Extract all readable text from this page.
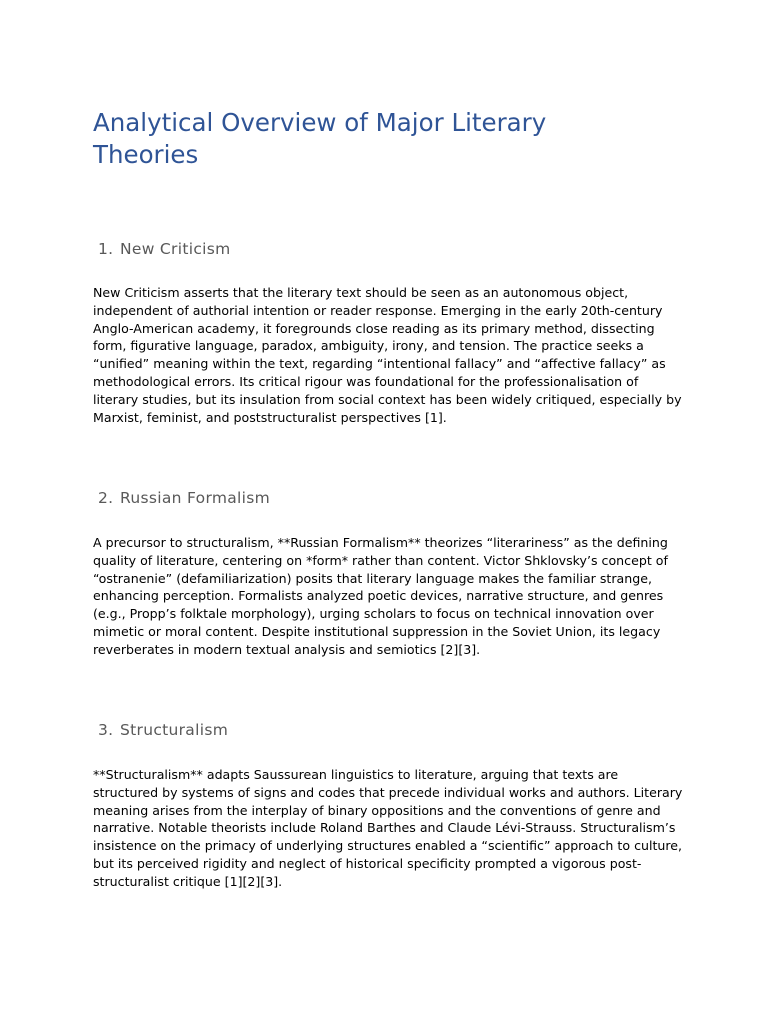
Analytical Overview of Major Literary Theories
1. New Criticism

New Criticism asserts that the literary text should be seen as an autonomous object, independent of authorial intention or reader response. Emerging in the early 20th-century Anglo-American academy, it foregrounds close reading as its primary method, dissecting form, figurative language, paradox, ambiguity, irony, and tension. The practice seeks a “unified” meaning within the text, regarding “intentional fallacy” and “affective fallacy” as methodological errors. Its critical rigour was foundational for the professionalisation of literary studies, but its insulation from social context has been widely critiqued, especially by Marxist, feminist, and poststructuralist perspectives [1].

2. Russian Formalism

A precursor to structuralism, **Russian Formalism** theorizes “literariness” as the defining quality of literature, centering on *form* rather than content. Victor Shklovsky’s concept of “ostranenie” (defamiliarization) posits that literary language makes the familiar strange, enhancing perception. Formalists analyzed poetic devices, narrative structure, and genres (e.g., Propp’s folktale morphology), urging scholars to focus on technical innovation over mimetic or moral content. Despite institutional suppression in the Soviet Union, its legacy reverberates in modern textual analysis and semiotics [2][3].

3. Structuralism

**Structuralism** adapts Saussurean linguistics to literature, arguing that texts are structured by systems of signs and codes that precede individual works and authors. Literary meaning arises from the interplay of binary oppositions and the conventions of genre and narrative. Notable theorists include Roland Barthes and Claude Lévi-Strauss. Structuralism’s insistence on the primacy of underlying structures enabled a “scientific” approach to culture, but its perceived rigidity and neglect of historical specificity prompted a vigorous post-structuralist critique [1][2][3].
